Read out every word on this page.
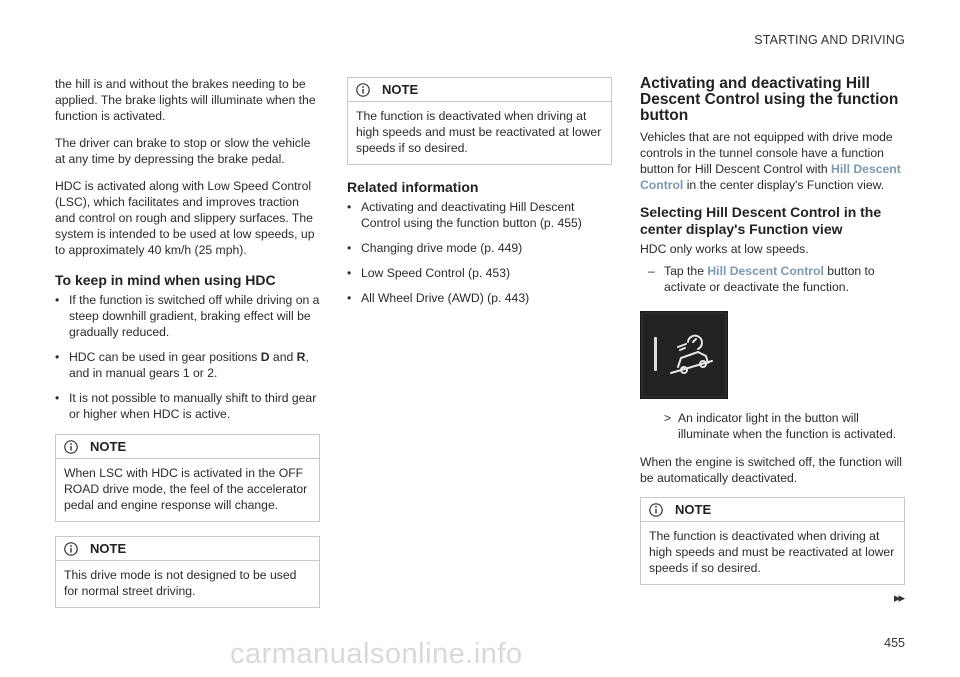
STARTING AND DRIVING

the hill is and without the brakes needing to be applied. The brake lights will illuminate when the function is activated.

The driver can brake to stop or slow the vehicle at any time by depressing the brake pedal.

HDC is activated along with Low Speed Control (LSC), which facilitates and improves traction and control on rough and slippery surfaces. The system is intended to be used at low speeds, up to approximately 40 km/h (25 mph).

To keep in mind when using HDC
• If the function is switched off while driving on a steep downhill gradient, braking effect will be gradually reduced.
• HDC can be used in gear positions D and R, and in manual gears 1 or 2.
• It is not possible to manually shift to third gear or higher when HDC is active.
NOTE
When LSC with HDC is activated in the OFF ROAD drive mode, the feel of the accelerator pedal and engine response will change.
NOTE
This drive mode is not designed to be used for normal street driving.
NOTE
The function is deactivated when driving at high speeds and must be reactivated at lower speeds if so desired.
Related information
• Activating and deactivating Hill Descent Control using the function button (p. 455)
• Changing drive mode (p. 449)
• Low Speed Control (p. 453)
• All Wheel Drive (AWD) (p. 443)
Activating and deactivating Hill Descent Control using the function button

Vehicles that are not equipped with drive mode controls in the tunnel console have a function button for Hill Descent Control with Hill Descent Control in the center display's Function view.

Selecting Hill Descent Control in the center display's Function view

HDC only works at low speeds.

– Tap the Hill Descent Control button to activate or deactivate the function.
> An indicator light in the button will illuminate when the function is activated.

When the engine is switched off, the function will be automatically deactivated.

NOTE
The function is deactivated when driving at high speeds and must be reactivated at lower speeds if so desired.
▸▸
455
carmanualsonline.info
